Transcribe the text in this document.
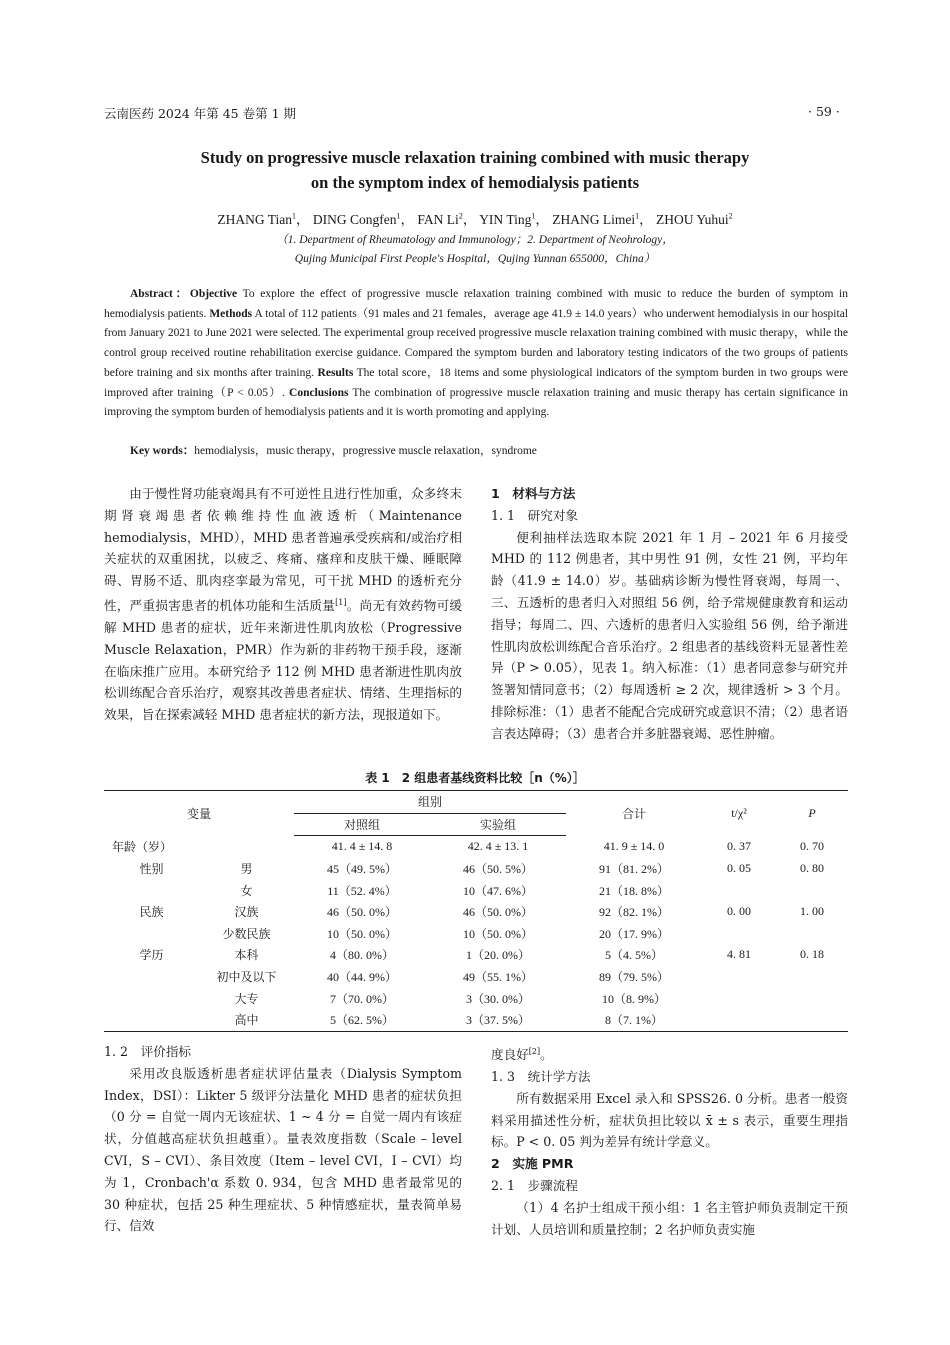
云南医药 2024 年第 45 卷第 1 期	· 59 ·
Study on progressive muscle relaxation training combined with music therapy
on the symptom index of hemodialysis patients
ZHANG Tian$^1$， DING Congfen$^1$， FAN Li$^2$， YIN Ting$^1$， ZHANG Limei$^1$， ZHOU Yuhui$^2$
（1. Department of Rheumatology and Immunology；2. Department of Neohrology，
Qujing Municipal First People's Hospital，Qujing Yunnan 655000，China）
Abstract：Objective To explore the effect of progressive muscle relaxation training combined with music to reduce the burden of symptom in hemodialysis patients. Methods A total of 112 patients（91 males and 21 females，average age 41.9 ± 14.0 years）who underwent hemodialysis in our hospital from January 2021 to June 2021 were selected. The experimental group received progressive muscle relaxation training combined with music therapy，while the control group received routine rehabilitation exercise guidance. Compared the symptom burden and laboratory testing indicators of the two groups of patients before training and six months after training. Results The total score，18 items and some physiological indicators of the symptom burden in two groups were improved after training（P < 0.05）. Conclusions The combination of progressive muscle relaxation training and music therapy has certain significance in improving the symptom burden of hemodialysis patients and it is worth promoting and applying.
Key words：hemodialysis，music therapy，progressive muscle relaxation，syndrome

由于慢性肾功能衰竭具有不可逆性且进行性加重，众多终末期肾衰竭患者依赖维持性血液透析（Maintenance hemodialysis，MHD），MHD 患者普遍承受疾病和/或治疗相关症状的双重困扰，以疲乏、疼痛、瘙痒和皮肤干燥、睡眠障碍、胃肠不适、肌肉痉挛最为常见，可干扰 MHD 的透析充分性，严重损害患者的机体功能和生活质量[1]。尚无有效药物可缓解 MHD 患者的症状，近年来渐进性肌肉放松（Progressive Muscle Relaxation，PMR）作为新的非药物干预手段，逐渐在临床推广应用。本研究给予 112 例 MHD 患者渐进性肌肉放松训练配合音乐治疗，观察其改善患者症状、情绪、生理指标的效果，旨在探索减轻 MHD 患者症状的新方法，现报道如下。

1　材料与方法

1. 1　研究对象

便利抽样法选取本院 2021 年 1 月 – 2021 年 6 月接受 MHD 的 112 例患者，其中男性 91 例，女性 21 例，平均年龄（41.9 ± 14.0）岁。基础病诊断为慢性肾衰竭，每周一、三、五透析的患者归入对照组 56 例，给予常规健康教育和运动指导；每周二、四、六透析的患者归入实验组 56 例，给予渐进性肌肉放松训练配合音乐治疗。2 组患者的基线资料无显著性差异（P > 0.05），见表 1。纳入标准：（1）患者同意参与研究并签署知情同意书；（2）每周透析 ≥ 2 次，规律透析 > 3 个月。排除标准：（1）患者不能配合完成研究或意识不清；（2）患者语言表达障碍；（3）患者合并多脏器衰竭、恶性肿瘤。

表 1　2 组患者基线资料比较［n（%）］
变量		组别		合计	t/χ²	P
		对照组	实验组			
年龄（岁）		41. 4 ± 14. 8	42. 4 ± 13. 1	41. 9 ± 14. 0	0. 37	0. 70
性别	男	45（49. 5%）	46（50. 5%）	91（81. 2%）	0. 05	0. 80
	女	11（52. 4%）	10（47. 6%）	21（18. 8%）		
民族	汉族	46（50. 0%）	46（50. 0%）	92（82. 1%）	0. 00	1. 00
	少数民族	10（50. 0%）	10（50. 0%）	20（17. 9%）		
学历	本科	4（80. 0%）	1（20. 0%）	5（4. 5%）	4. 81	0. 18
	初中及以下	40（44. 9%）	49（55. 1%）	89（79. 5%）		
	大专	7（70. 0%）	3（30. 0%）	10（8. 9%）		
	高中	5（62. 5%）	3（37. 5%）	8（7. 1%）		

1. 2　评价指标

采用改良版透析患者症状评估量表（Dialysis Symptom Index，DSI）：Likter 5 级评分法量化 MHD 患者的症状负担（0 分 = 自觉一周内无该症状、1 ~ 4 分 = 自觉一周内有该症状，分值越高症状负担越重）。量表效度指数（Scale – level CVI，S – CVI）、条目效度（Item – level CVI，I – CVI）均为 1，Cronbach'α 系数 0. 934，包含 MHD 患者最常见的 30 种症状，包括 25 种生理症状、5 种情感症状，量表简单易行、信效

度良好[2]。

1. 3　统计学方法

所有数据采用 Excel 录入和 SPSS26. 0 分析。患者一般资料采用描述性分析，症状负担比较以 x̄ ± s 表示，重要生理指标。P < 0. 05 判为差异有统计学意义。

2　实施 PMR

2. 1　步骤流程

（1）4 名护士组成干预小组：1 名主管护师负责制定干预计划、人员培训和质量控制；2 名护师负责实施
